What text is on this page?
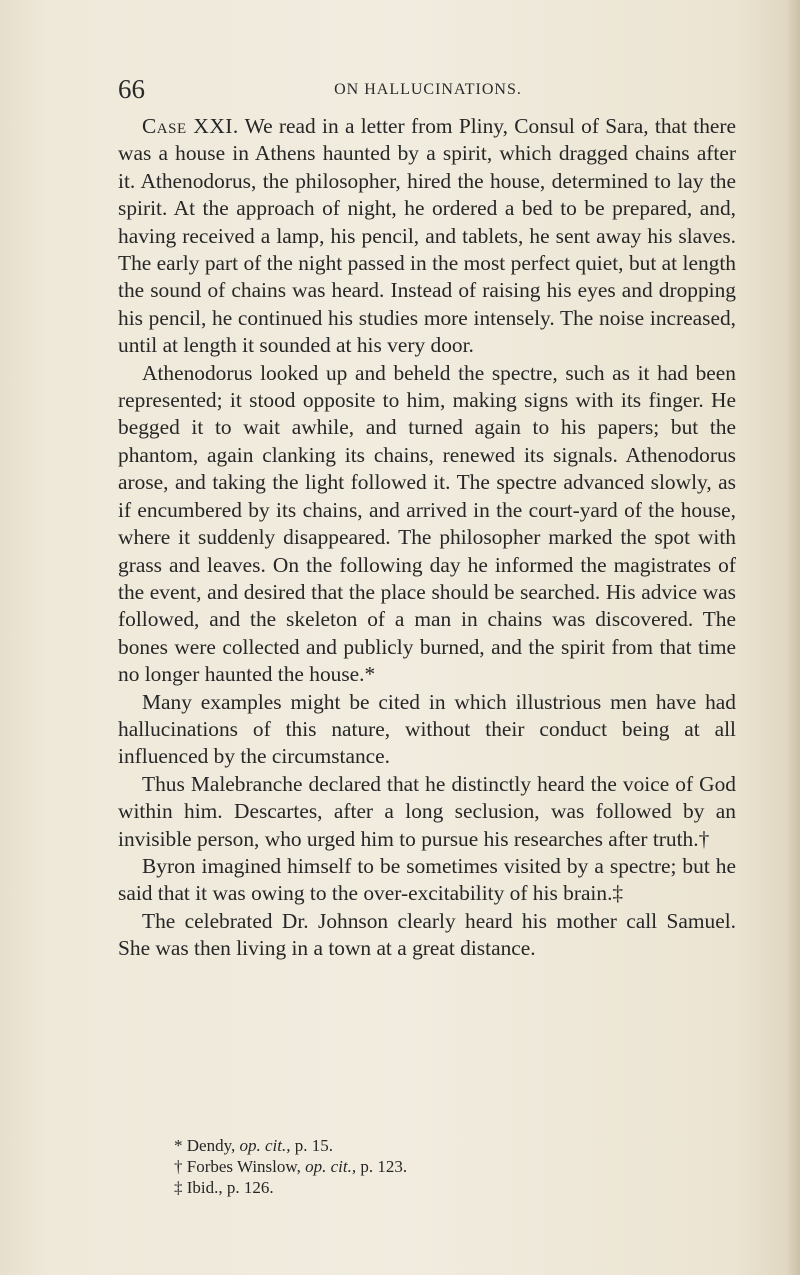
66	ON HALLUCINATIONS.

Case XXI. We read in a letter from Pliny, Consul of Sara, that there was a house in Athens haunted by a spirit, which dragged chains after it. Athenodorus, the philosopher, hired the house, determined to lay the spirit. At the approach of night, he ordered a bed to be prepared, and, having received a lamp, his pencil, and tablets, he sent away his slaves. The early part of the night passed in the most perfect quiet, but at length the sound of chains was heard. Instead of raising his eyes and dropping his pencil, he continued his studies more intensely. The noise increased, until at length it sounded at his very door.

Athenodorus looked up and beheld the spectre, such as it had been represented; it stood opposite to him, making signs with its finger. He begged it to wait awhile, and turned again to his papers; but the phantom, again clanking its chains, renewed its signals. Athenodorus arose, and taking the light followed it. The spectre advanced slowly, as if encumbered by its chains, and arrived in the court-yard of the house, where it suddenly disappeared. The philosopher marked the spot with grass and leaves. On the following day he informed the magistrates of the event, and desired that the place should be searched. His advice was followed, and the skeleton of a man in chains was discovered. The bones were collected and publicly burned, and the spirit from that time no longer haunted the house.*

Many examples might be cited in which illustrious men have had hallucinations of this nature, without their conduct being at all influenced by the circumstance.

Thus Malebranche declared that he distinctly heard the voice of God within him. Descartes, after a long seclusion, was followed by an invisible person, who urged him to pursue his researches after truth.†

Byron imagined himself to be sometimes visited by a spectre; but he said that it was owing to the over-excitability of his brain.‡

The celebrated Dr. Johnson clearly heard his mother call Samuel. She was then living in a town at a great distance.

* Dendy, op. cit., p. 15.

† Forbes Winslow, op. cit., p. 123.

‡ Ibid., p. 126.
